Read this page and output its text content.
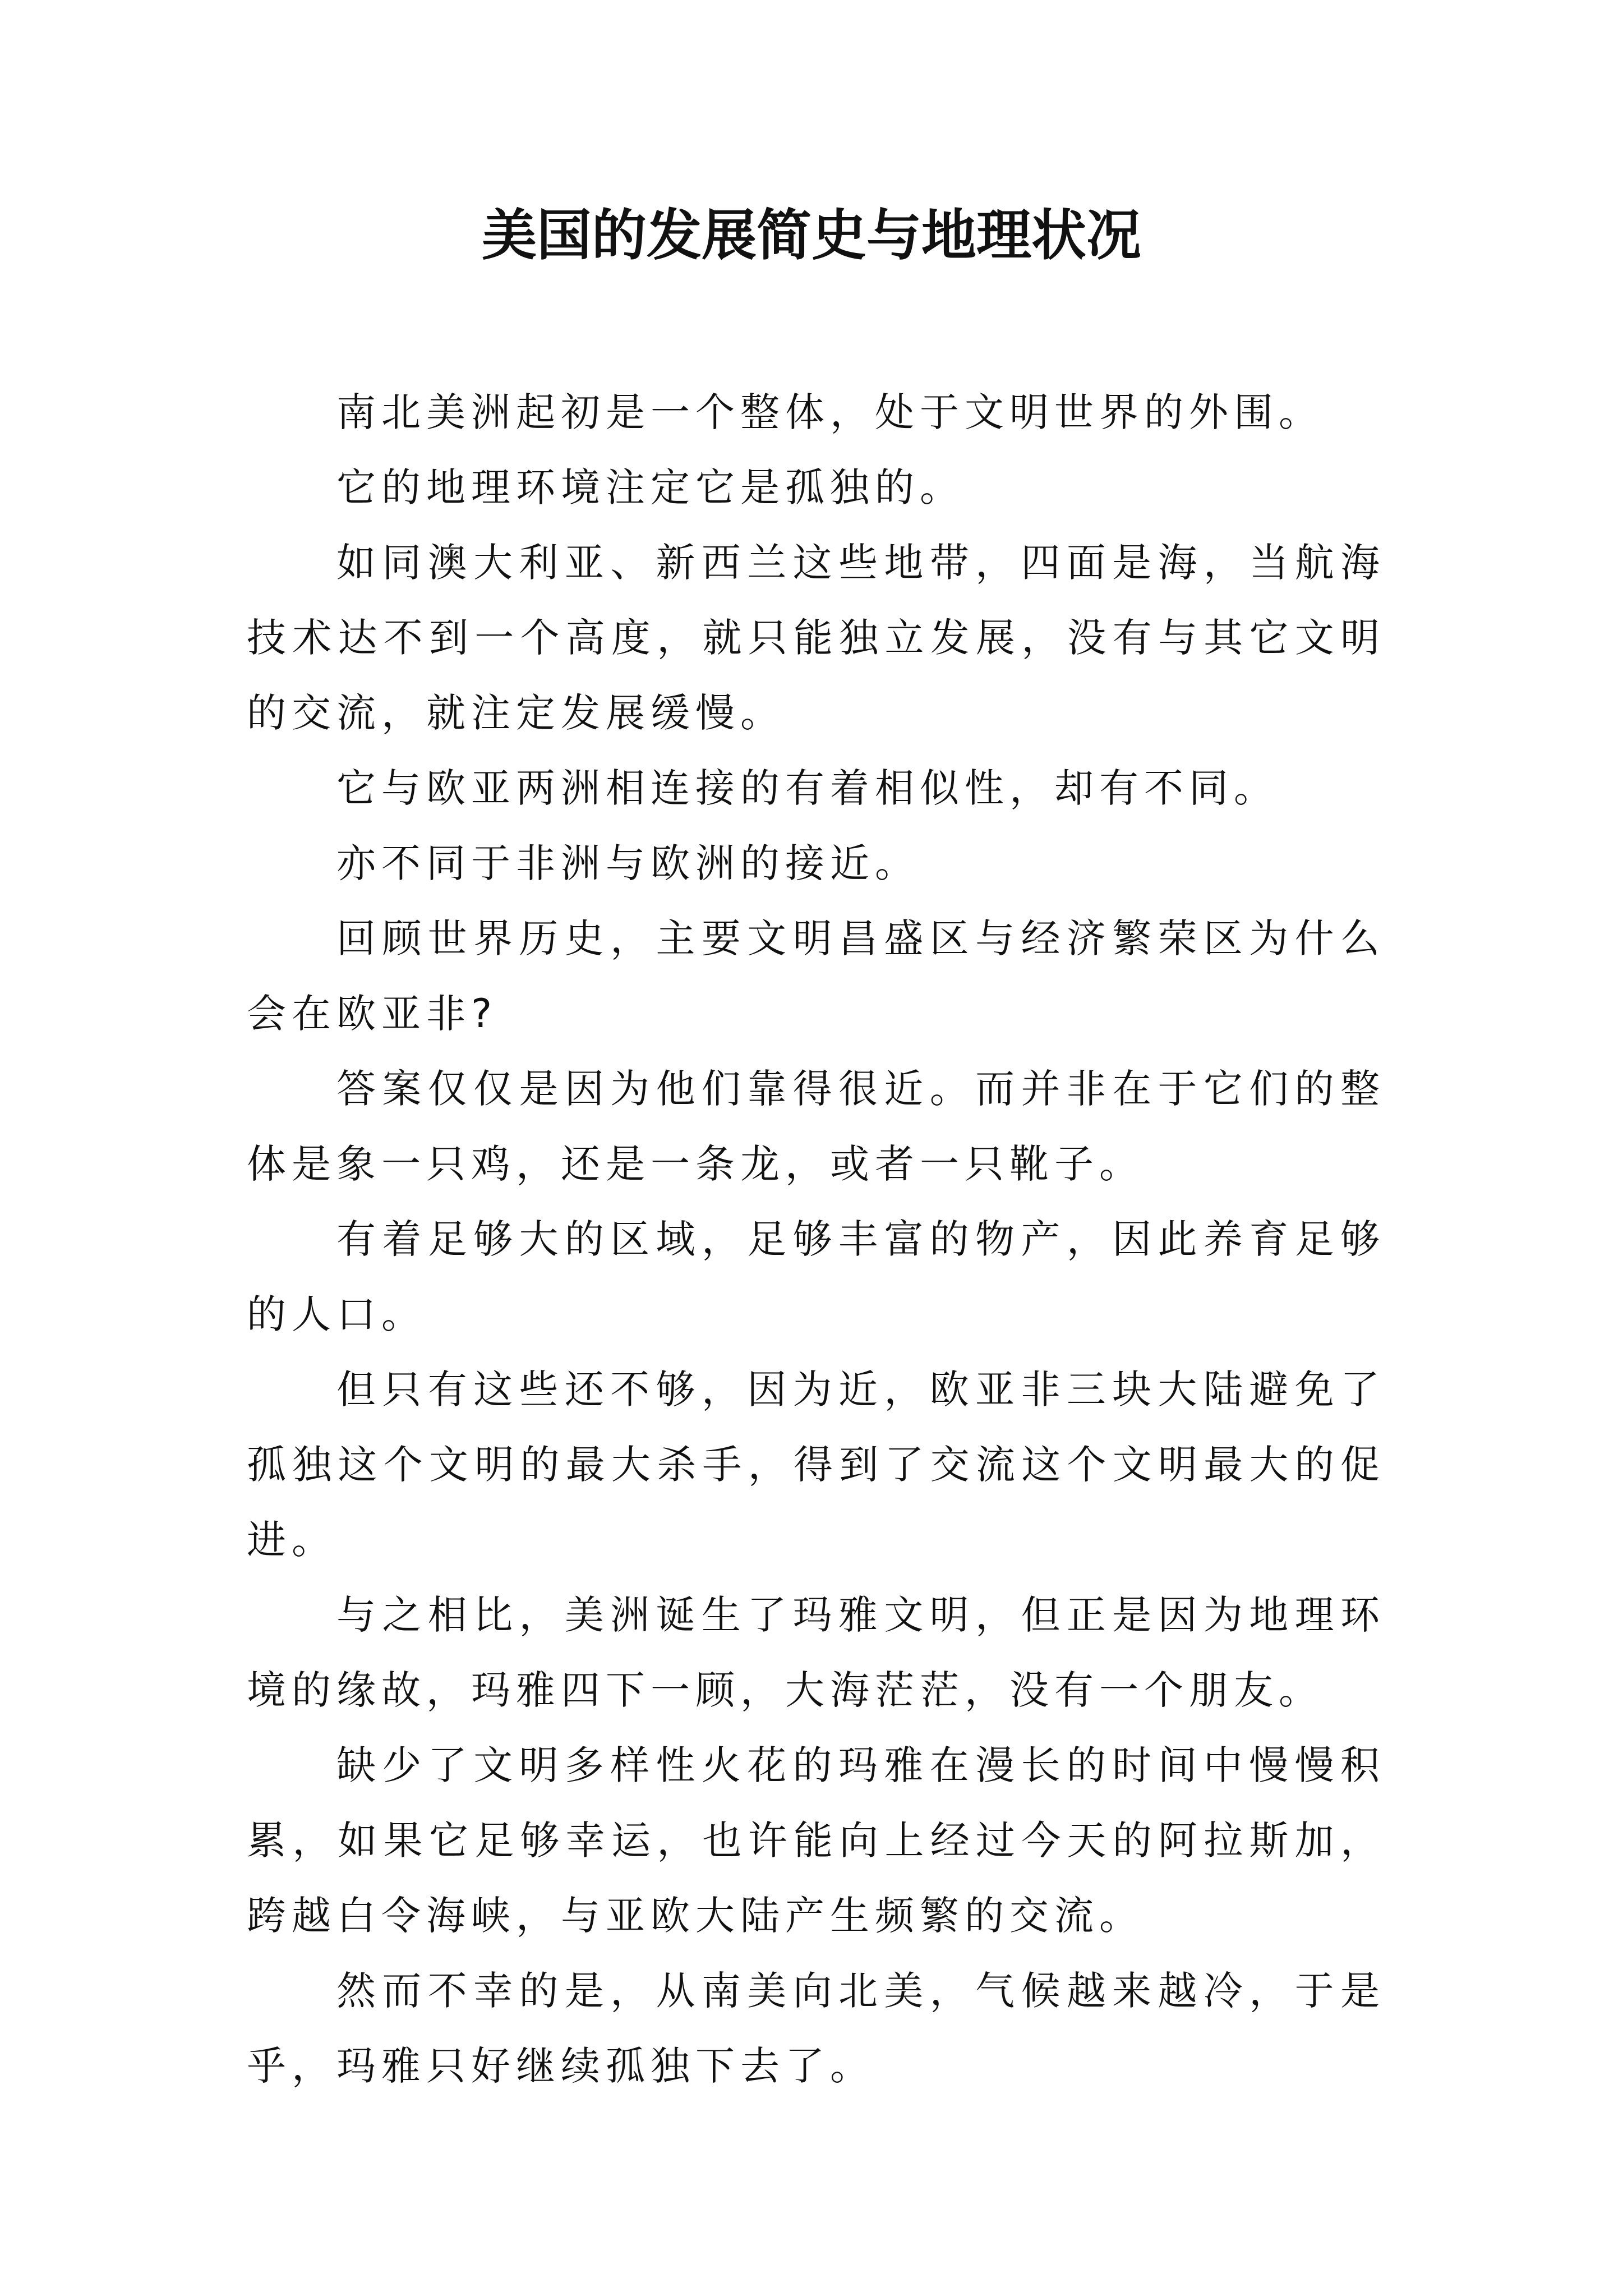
美国的发展简史与地理状况

南北美洲起初是一个整体，处于文明世界的外围。

它的地理环境注定它是孤独的。

如同澳大利亚、新西兰这些地带，四面是海，当航海技术达不到一个高度，就只能独立发展，没有与其它文明的交流，就注定发展缓慢。

它与欧亚两洲相连接的有着相似性，却有不同。

亦不同于非洲与欧洲的接近。

回顾世界历史，主要文明昌盛区与经济繁荣区为什么会在欧亚非?

答案仅仅是因为他们靠得很近。而并非在于它们的整体是象一只鸡，还是一条龙，或者一只靴子。

有着足够大的区域，足够丰富的物产，因此养育足够的人口。

但只有这些还不够，因为近，欧亚非三块大陆避免了孤独这个文明的最大杀手，得到了交流这个文明最大的促进。

与之相比，美洲诞生了玛雅文明，但正是因为地理环境的缘故，玛雅四下一顾，大海茫茫，没有一个朋友。

缺少了文明多样性火花的玛雅在漫长的时间中慢慢积累，如果它足够幸运，也许能向上经过今天的阿拉斯加，跨越白令海峡，与亚欧大陆产生频繁的交流。

然而不幸的是，从南美向北美，气候越来越冷，于是乎，玛雅只好继续孤独下去了。
